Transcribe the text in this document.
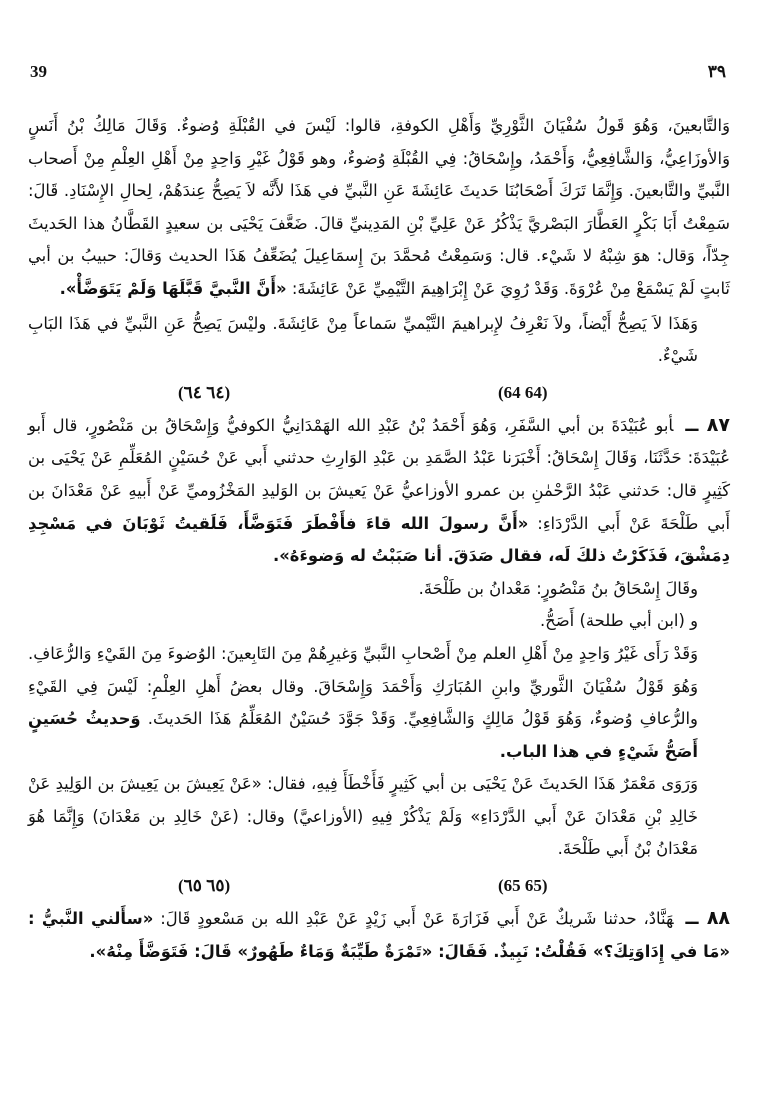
39	٣٩

وَالتَّابعينَ، وَهُوَ قَولُ سُفْيَانَ الثَّوْرِيِّ وَأَهْلِ الكوفةِ، قالوا: لَيْسَ في القُبْلَةِ وُضوءٌ. وَقَالَ مَالِكُ بْنُ أَنَسٍ وَالأوزَاعِيُّ، وَالشَّافِعِيُّ، وَأَحْمَدُ، وإِسْحَاقُ: فِي القُبْلَةِ وُضوءٌ، وهو قَوْلُ غَيْرِ وَاحِدٍ مِنْ أَهْلِ العِلْمِ مِنْ أَصحاب النَّبيِّ والتَّابعينَ. وَإِنَّمَا تَرَكَ أَصْحَابُنَا حَديثَ عَائِشَةَ عَنِ النَّبيِّ في هَذَا لأَنَّه لاَ يَصِحُّ عِندَهُمْ، لِحالِ الإِسْنَادِ. قَالَ: سَمِعْتُ أَبَا بَكْرٍ العَطَّارَ البَصْريَّ يَذْكُرُ عَنْ عَلِيِّ بْنِ المَدِينيِّ قالَ. ضَعَّفَ يَحْيَى بن سعيدٍ القَطَّانُ هذا الحَديثَ جِدّاً، وَقال: هوَ شِبْهُ لا شَيْء. قال: وَسَمِعْتُ مُحمَّدَ بنَ إِسمَاعِيلَ يُضَعِّفُ هَذَا الحديث وَقالَ: حبيبُ بن أبي ثَابتٍ لَمْ يَسْمَعْ مِنْ عُرْوَةَ. وَقَدْ رُوِيَ عَنْ إِبْرَاهِيمَ التَّيْمِيِّ عَنْ عَائِشَةَ: «أَنَّ النَّبيَّ قَبَّلَهَا وَلَمْ يَتَوَضَّأْ».

وَهَذَا لاَ يَصِحُّ أَيْضاً، ولاَ نَعْرِفُ لإِبراهيمَ التَّيْميِّ سَماعاً مِنْ عَائِشَةَ. وليْسَ يَصِحُّ عَنِ النَّبيِّ في هَذَا البَابِ شَيْءٌ.

(64 64)
(٦٤ ٦٤)

٨٧ ــأبو عُبَيْدَةَ بن أبي السَّفَرِ، وَهُوَ أَحْمَدُ بْنُ عَبْدِ الله الهَمْدَانِيُّ الكوفيُّ وَإِسْحَاقُ بن مَنْصُورٍ، قال أَبو عُبَيْدَةَ: حَدَّثَنَا، وَقَالَ إِسْحَاقُ: أَخْبَرَنا عَبْدُ الصَّمَدِ بن عَبْدِ الوَارِثِ حدثني أَبي عَنْ حُسَيْنٍ المُعَلِّمِ عَنْ يَحْيَى بن كَثِيرٍ قال: حَدثني عَبْدُ الرَّحْمٰنِ بن عمرو الأوزاعيُّ عَنْ يَعيشَ بن الوَليدِ المَخْزُوميِّ عَنْ أَبيهِ عَنْ مَعْدَانَ بن أَبي طَلْحَةَ عَنْ أَبي الدَّرْدَاءِ: «أَنَّ رسولَ الله قاءَ فأَفْطَرَ فَتَوَضَّأَ، فَلَقيتُ ثَوْبَانَ في مَسْجِدِ دِمَشْقَ، فَذَكَرْتُ ذلكَ لَه، فقال صَدَقَ. أنا صَبَبْتُ له وَضوءَهُ».

وقَالَ إِسْحَاقُ بنُ مَنْصُورٍ: مَعْدانُ بن طَلْحَةَ.

و (ابن أبي طلحة) أَصَحُّ.

وَقَدْ رَأَى غَيْرُ وَاحِدٍ مِنْ أَهْلِ العلم مِنْ أَصْحابِ النَّبيِّ وَغيرِهُمْ مِنَ التَابِعينَ: الوُضوءَ مِنَ القَيْءِ وَالرُّعَافِ. وَهُوَ قَوْلُ سُفْيَانَ الثَّوريِّ وابنِ المُبَارَكِ وَأَحْمَدَ وَإِسْحَاقَ. وقال بعضُ أَهلِ العِلْمِ: لَيْسَ فِي القَيْءِ والرُّعافِ وُضوءٌ، وَهُوَ قَوْلُ مَالِكٍ وَالشَّافِعِيِّ. وَقَدْ جَوَّدَ حُسَيْنٌ المُعَلِّمُ هَذَا الحَديثَ. وَحديثُ حُسَينٍ أَصَحُّ شَيْءٍ في هذا الباب.

وَرَوَى مَعْمَرٌ هَذَا الحَديثَ عَنْ يَحْيَى بن أبي كَثِيرٍ فَأَخْطَأَ فِيهِ، فقال: «عَنْ يَعِيشَ بن يَعِيشَ بن الوَلِيدِ عَنْ خَالِدِ بْنِ مَعْدَانَ عَنْ أَبي الدَّرْدَاءِ» وَلَمْ يَذْكُرْ فِيهِ (الأوزاعيَّ) وقال: (عَنْ خَالِدِ بن مَعْدَانَ) وَإِنَّمَا هُوَ مَعْدَانُ بْنُ أَبي طَلْحَةَ.

(65 65)
(٦٥ ٦٥)

٨٨ ــهَنَّادٌ، حدثنا شَريكٌ عَنْ أَبي فَزَارَةَ عَنْ أَبي زَيْدٍ عَنْ عَبْدِ الله بن مَسْعودٍ قَالَ: «سأَلني النَّبيُّ : «مَا في إِدَاوَتِكَ؟» فَقُلْتُ: نَبِيذٌ. فَقَالَ: «تَمْرَةٌ طَيِّبَةٌ وَمَاءٌ طَهُورٌ» قَالَ: فَتَوَضَّأَ مِنْهُ».
